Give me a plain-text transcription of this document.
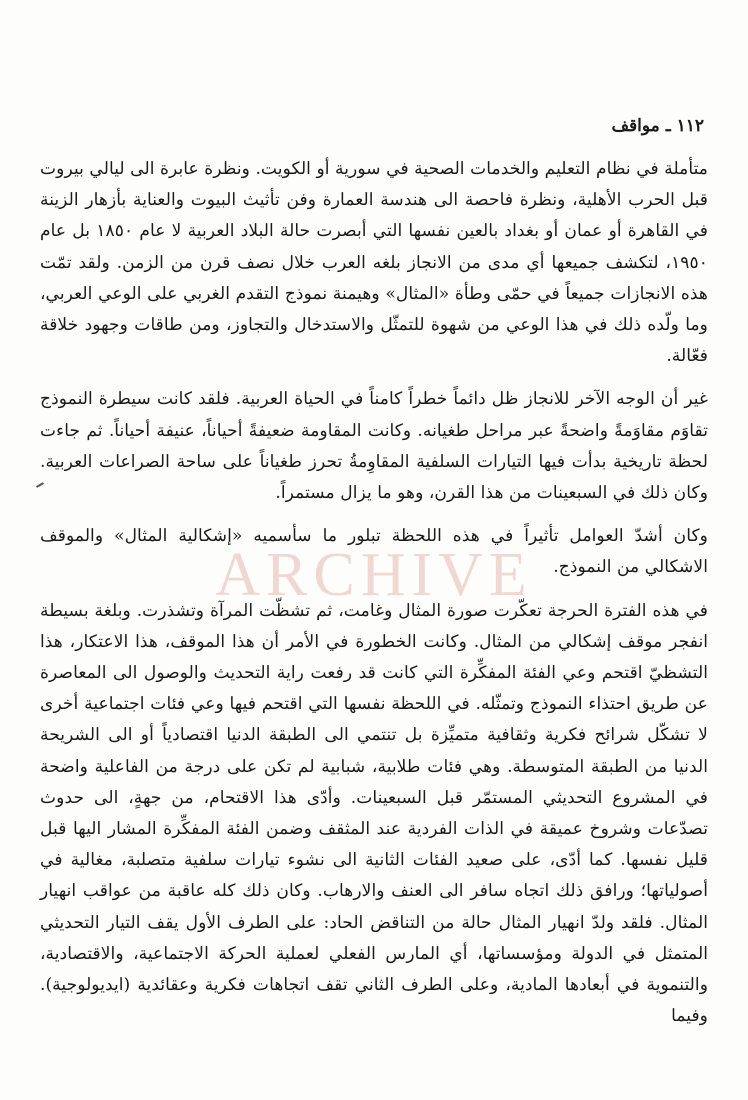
١١٢ ـ مواقف
ARCHIVE

متأملة في نظام التعليم والخدمات الصحية في سورية أو الكويت. ونظرة عابرة الى ليالي بيروت قبل الحرب الأهلية، ونظرة فاحصة الى هندسة العمارة وفن تأثيث البيوت والعناية بأزهار الزينة في القاهرة أو عمان أو بغداد بالعين نفسها التي أبصرت حالة البلاد العربية لا عام ١٨٥٠ بل عام ١٩٥٠، لتكشف جميعها أي مدى من الانجاز بلغه العرب خلال نصف قرن من الزمن. ولقد تمّت هذه الانجازات جميعاً في حمّى وطأة «المثال» وهيمنة نموذج التقدم الغربي على الوعي العربي، وما ولّده ذلك في هذا الوعي من شهوة للتمثّل والاستدخال والتجاوز، ومن طاقات وجهود خلاقة فعّالة.

غير أن الوجه الآخر للانجاز ظل دائماً خطراً كامناً في الحياة العربية. فلقد كانت سيطرة النموذج تقاوَم مقاوَمةً واضحةً عبر مراحل طغيانه. وكانت المقاومة ضعيفةً أحياناً، عنيفة أحياناً. ثم جاءت لحظة تاريخية بدأت فيها التيارات السلفية المقاوِمةُ تحرز طغياناً على ساحة الصراعات العربية. وكان ذلك في السبعينات من هذا القرن، وهو ما يزال مستمراً.

وكان أشدّ العوامل تأثيراً في هذه اللحظة تبلور ما سأسميه «إشكالية المثال» والموقف الاشكالي من النموذج.

في هذه الفترة الحرجة تعكّرت صورة المثال وغامت، ثم تشظّت المرآة وتشذرت. وبلغة بسيطة انفجر موقف إشكالي من المثال. وكانت الخطورة في الأمر أن هذا الموقف، هذا الاعتكار، هذا التشظيّ اقتحم وعي الفئة المفكِّرة التي كانت قد رفعت راية التحديث والوصول الى المعاصرة عن طريق احتذاء النموذج وتمثّله. في اللحظة نفسها التي اقتحم فيها وعي فئات اجتماعية أخرى لا تشكّل شرائح فكرية وثقافية متميِّزة بل تنتمي الى الطبقة الدنيا اقتصادياً أو الى الشريحة الدنيا من الطبقة المتوسطة. وهي فئات طلابية، شبابية لم تكن على درجة من الفاعلية واضحة في المشروع التحديثي المستمّر قبل السبعينات. وأدّى هذا الاقتحام، من جهةٍ، الى حدوث تصدّعات وشروخ عميقة في الذات الفردية عند المثقف وضمن الفئة المفكِّرة المشار اليها قبل قليل نفسها. كما أدّى، على صعيد الفئات الثانية الى نشوء تيارات سلفية متصلبة، مغالية في أصولياتها؛ ورافق ذلك اتجاه سافر الى العنف والارهاب. وكان ذلك كله عاقبة من عواقب انهيار المثال. فلقد ولدّ انهيار المثال حالة من التناقض الحاد: على الطرف الأول يقف التيار التحديثي المتمثل في الدولة ومؤسساتها، أي المارس الفعلي لعملية الحركة الاجتماعية، والاقتصادية، والتنموية في أبعادها المادية، وعلى الطرف الثاني تقف اتجاهات فكرية وعقائدية (ايديولوجية). وفيما
